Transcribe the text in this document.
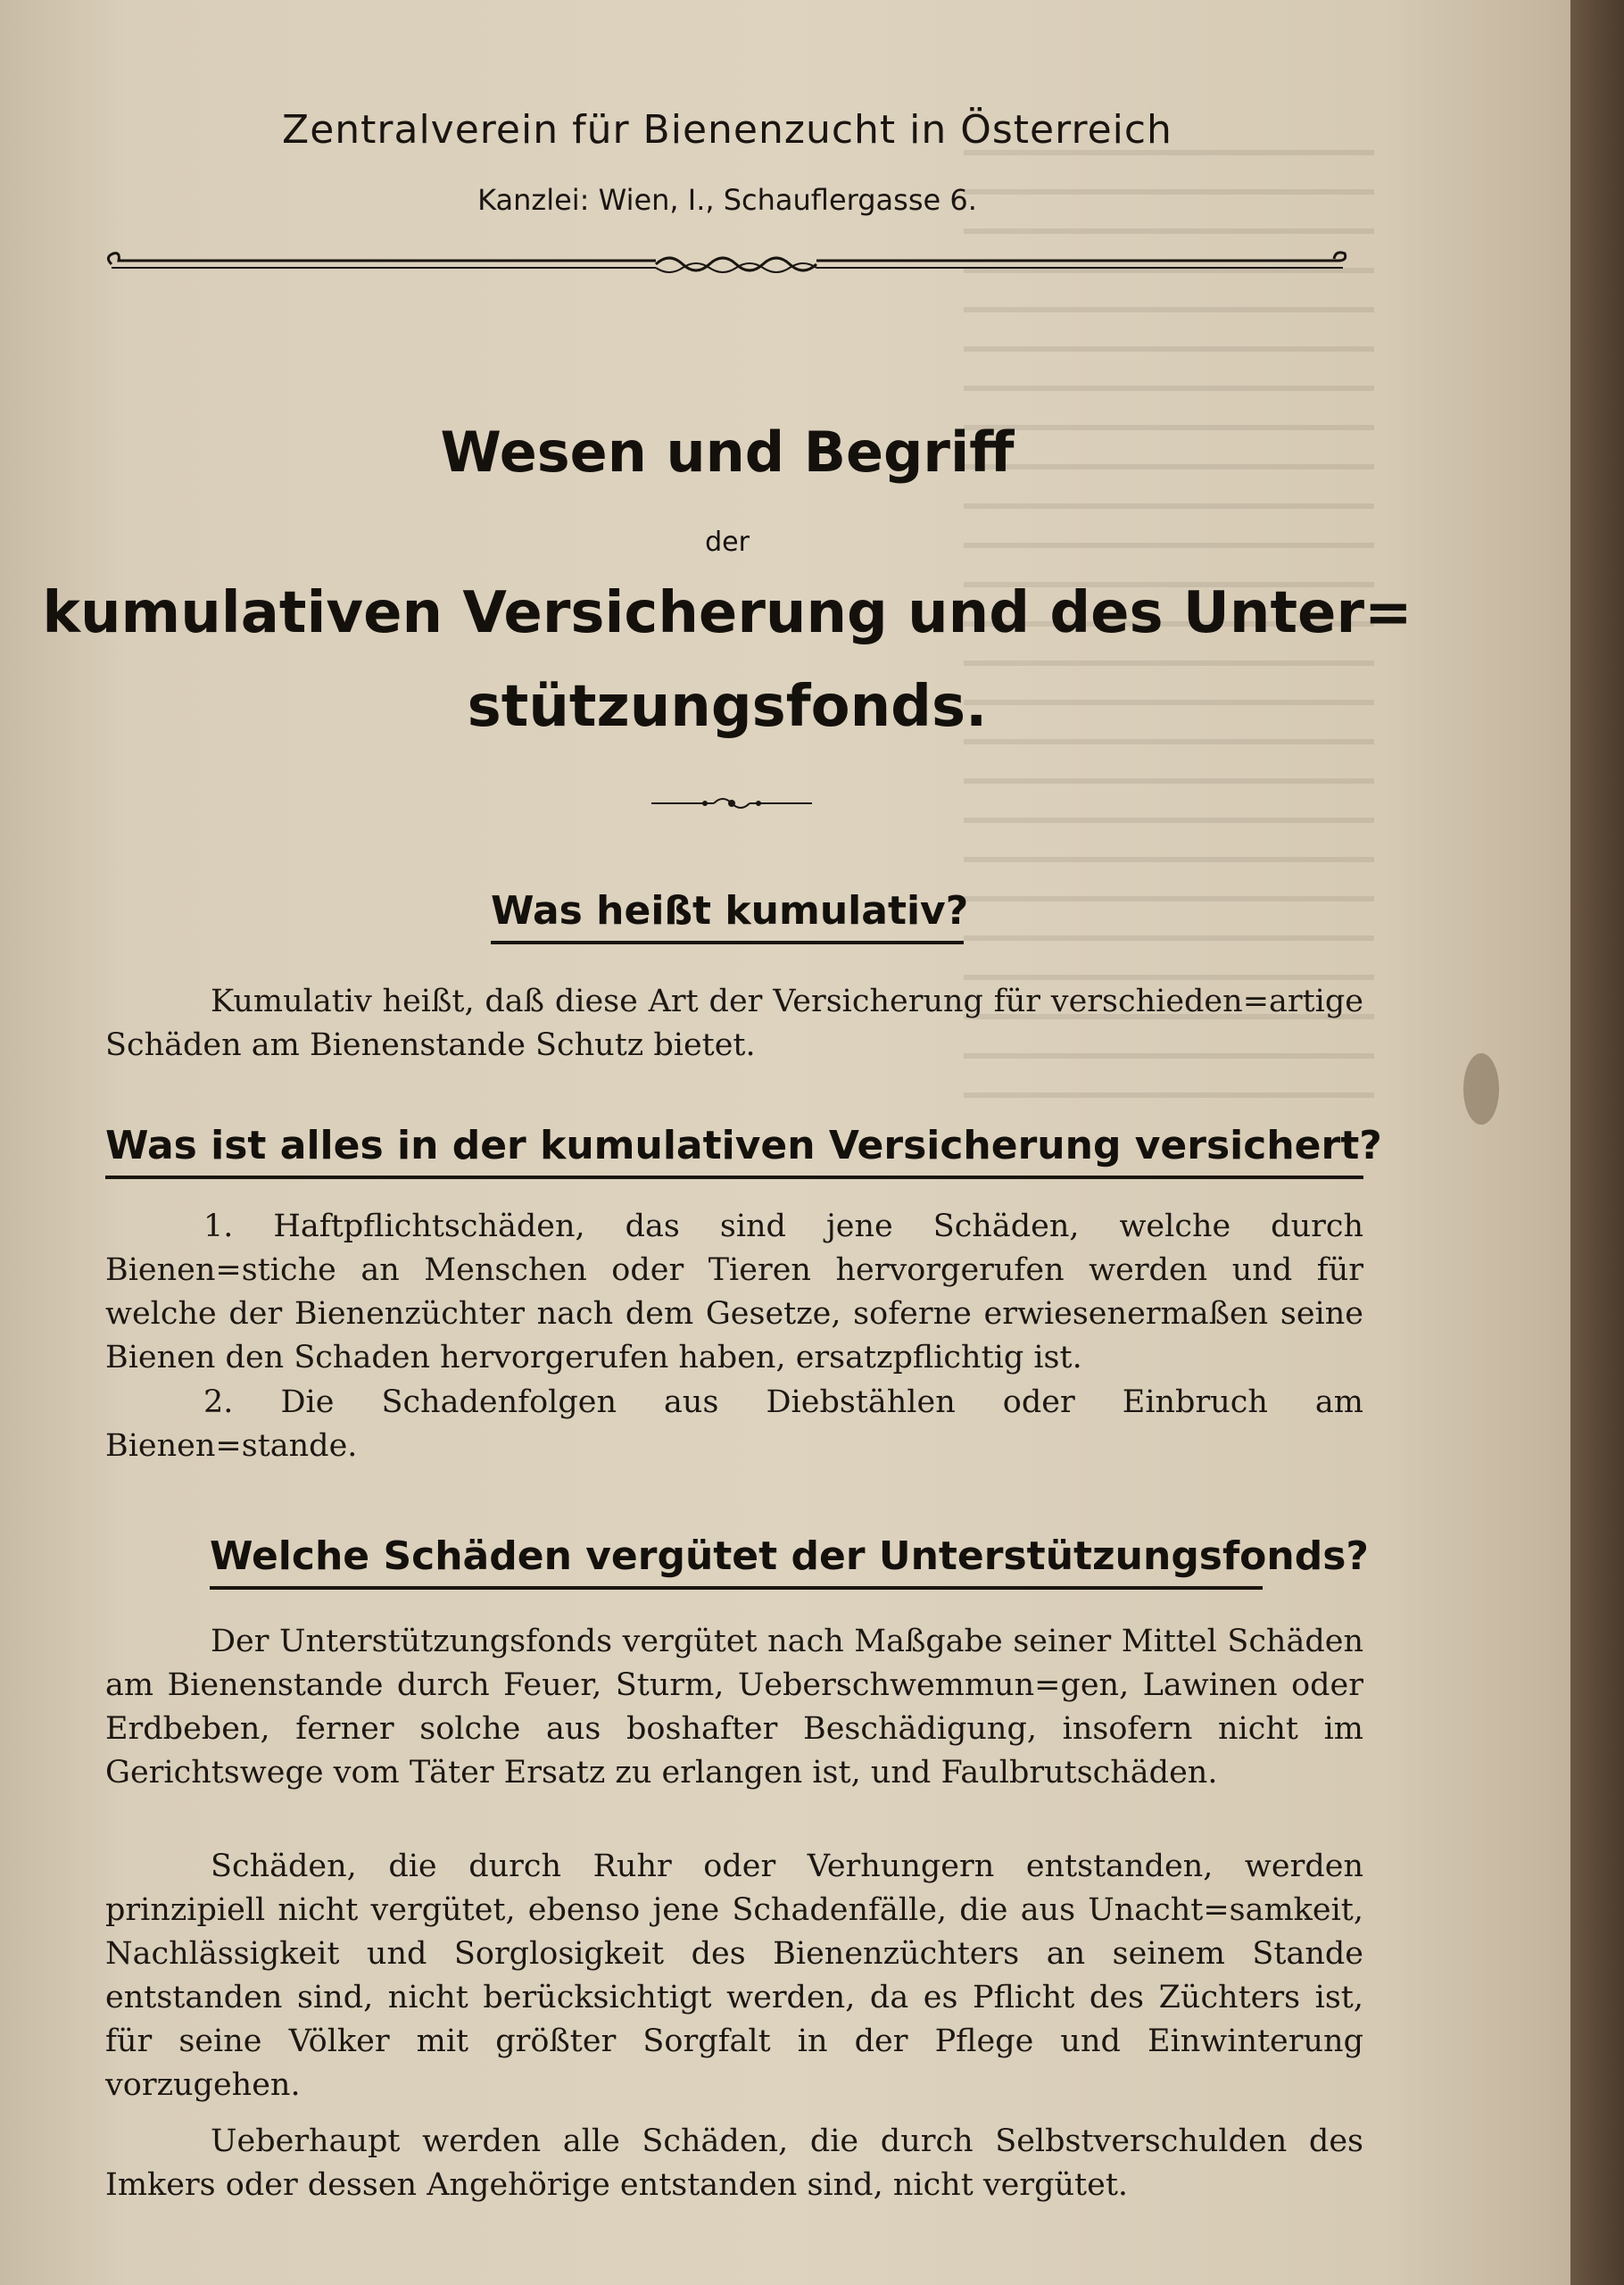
Zentralverein für Bienenzucht in Österreich
Kanzlei: Wien, I., Schauflergasse 6.
Wesen und Begriff
der
kumulativen Versicherung und des Unter=
stützungsfonds.
Was heißt kumulativ?

Kumulativ heißt, daß diese Art der Versicherung für verschieden=artige Schäden am Bienenstande Schutz bietet.

Was ist alles in der kumulativen Versicherung versichert?

1. Haftpflichtschäden, das sind jene Schäden, welche durch Bienen=stiche an Menschen oder Tieren hervorgerufen werden und für welche der Bienenzüchter nach dem Gesetze, soferne erwiesenermaßen seine Bienen den Schaden hervorgerufen haben, ersatzpflichtig ist.

2. Die Schadenfolgen aus Diebstählen oder Einbruch am Bienen=stande.

Welche Schäden vergütet der Unterstützungsfonds?

Der Unterstützungsfonds vergütet nach Maßgabe seiner Mittel Schäden am Bienenstande durch Feuer, Sturm, Ueberschwemmun=gen, Lawinen oder Erdbeben, ferner solche aus boshafter Beschädigung, insofern nicht im Gerichtswege vom Täter Ersatz zu erlangen ist, und Faulbrutschäden.

Schäden, die durch Ruhr oder Verhungern entstanden, werden prinzipiell nicht vergütet, ebenso jene Schadenfälle, die aus Unacht=samkeit, Nachlässigkeit und Sorglosigkeit des Bienenzüchters an seinem Stande entstanden sind, nicht berücksichtigt werden, da es Pflicht des Züchters ist, für seine Völker mit größter Sorgfalt in der Pflege und Einwinterung vorzugehen.

Ueberhaupt werden alle Schäden, die durch Selbstverschulden des Imkers oder dessen Angehörige entstanden sind, nicht vergütet.
